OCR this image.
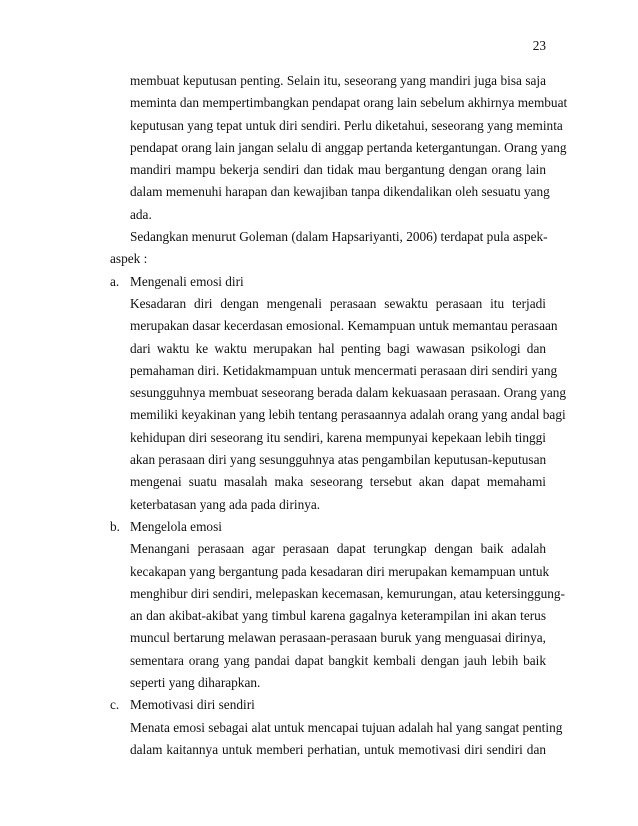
23
membuat keputusan penting. Selain itu, seseorang yang mandiri juga bisa saja
meminta dan mempertimbangkan pendapat orang lain sebelum akhirnya membuat
keputusan yang tepat untuk diri sendiri. Perlu diketahui, seseorang yang meminta
pendapat orang lain jangan selalu di anggap pertanda ketergantungan. Orang yang
mandiri mampu bekerja sendiri dan tidak mau bergantung dengan orang lain
dalam memenuhi harapan dan kewajiban tanpa dikendalikan oleh sesuatu yang
ada.
Sedangkan menurut Goleman (dalam Hapsariyanti, 2006) terdapat pula aspek-
aspek :
a. Mengenali emosi diri
Kesadaran diri dengan mengenali perasaan sewaktu perasaan itu terjadi
merupakan dasar kecerdasan emosional. Kemampuan untuk memantau perasaan
dari waktu ke waktu merupakan hal penting bagi wawasan psikologi dan
pemahaman diri. Ketidakmampuan untuk mencermati perasaan diri sendiri yang
sesungguhnya membuat seseorang berada dalam kekuasaan perasaan. Orang yang
memiliki keyakinan yang lebih tentang perasaannya adalah orang yang andal bagi
kehidupan diri seseorang itu sendiri, karena mempunyai kepekaan lebih tinggi
akan perasaan diri yang sesungguhnya atas pengambilan keputusan-keputusan
mengenai suatu masalah maka seseorang tersebut akan dapat memahami
keterbatasan yang ada pada dirinya.
b. Mengelola emosi
Menangani perasaan agar perasaan dapat terungkap dengan baik adalah
kecakapan yang bergantung pada kesadaran diri merupakan kemampuan untuk
menghibur diri sendiri, melepaskan kecemasan, kemurungan, atau ketersinggung-
an dan akibat-akibat yang timbul karena gagalnya keterampilan ini akan terus
muncul bertarung melawan perasaan-perasaan buruk yang menguasai dirinya,
sementara orang yang pandai dapat bangkit kembali dengan jauh lebih baik
seperti yang diharapkan.
c. Memotivasi diri sendiri
Menata emosi sebagai alat untuk mencapai tujuan adalah hal yang sangat penting
dalam kaitannya untuk memberi perhatian, untuk memotivasi diri sendiri dan
